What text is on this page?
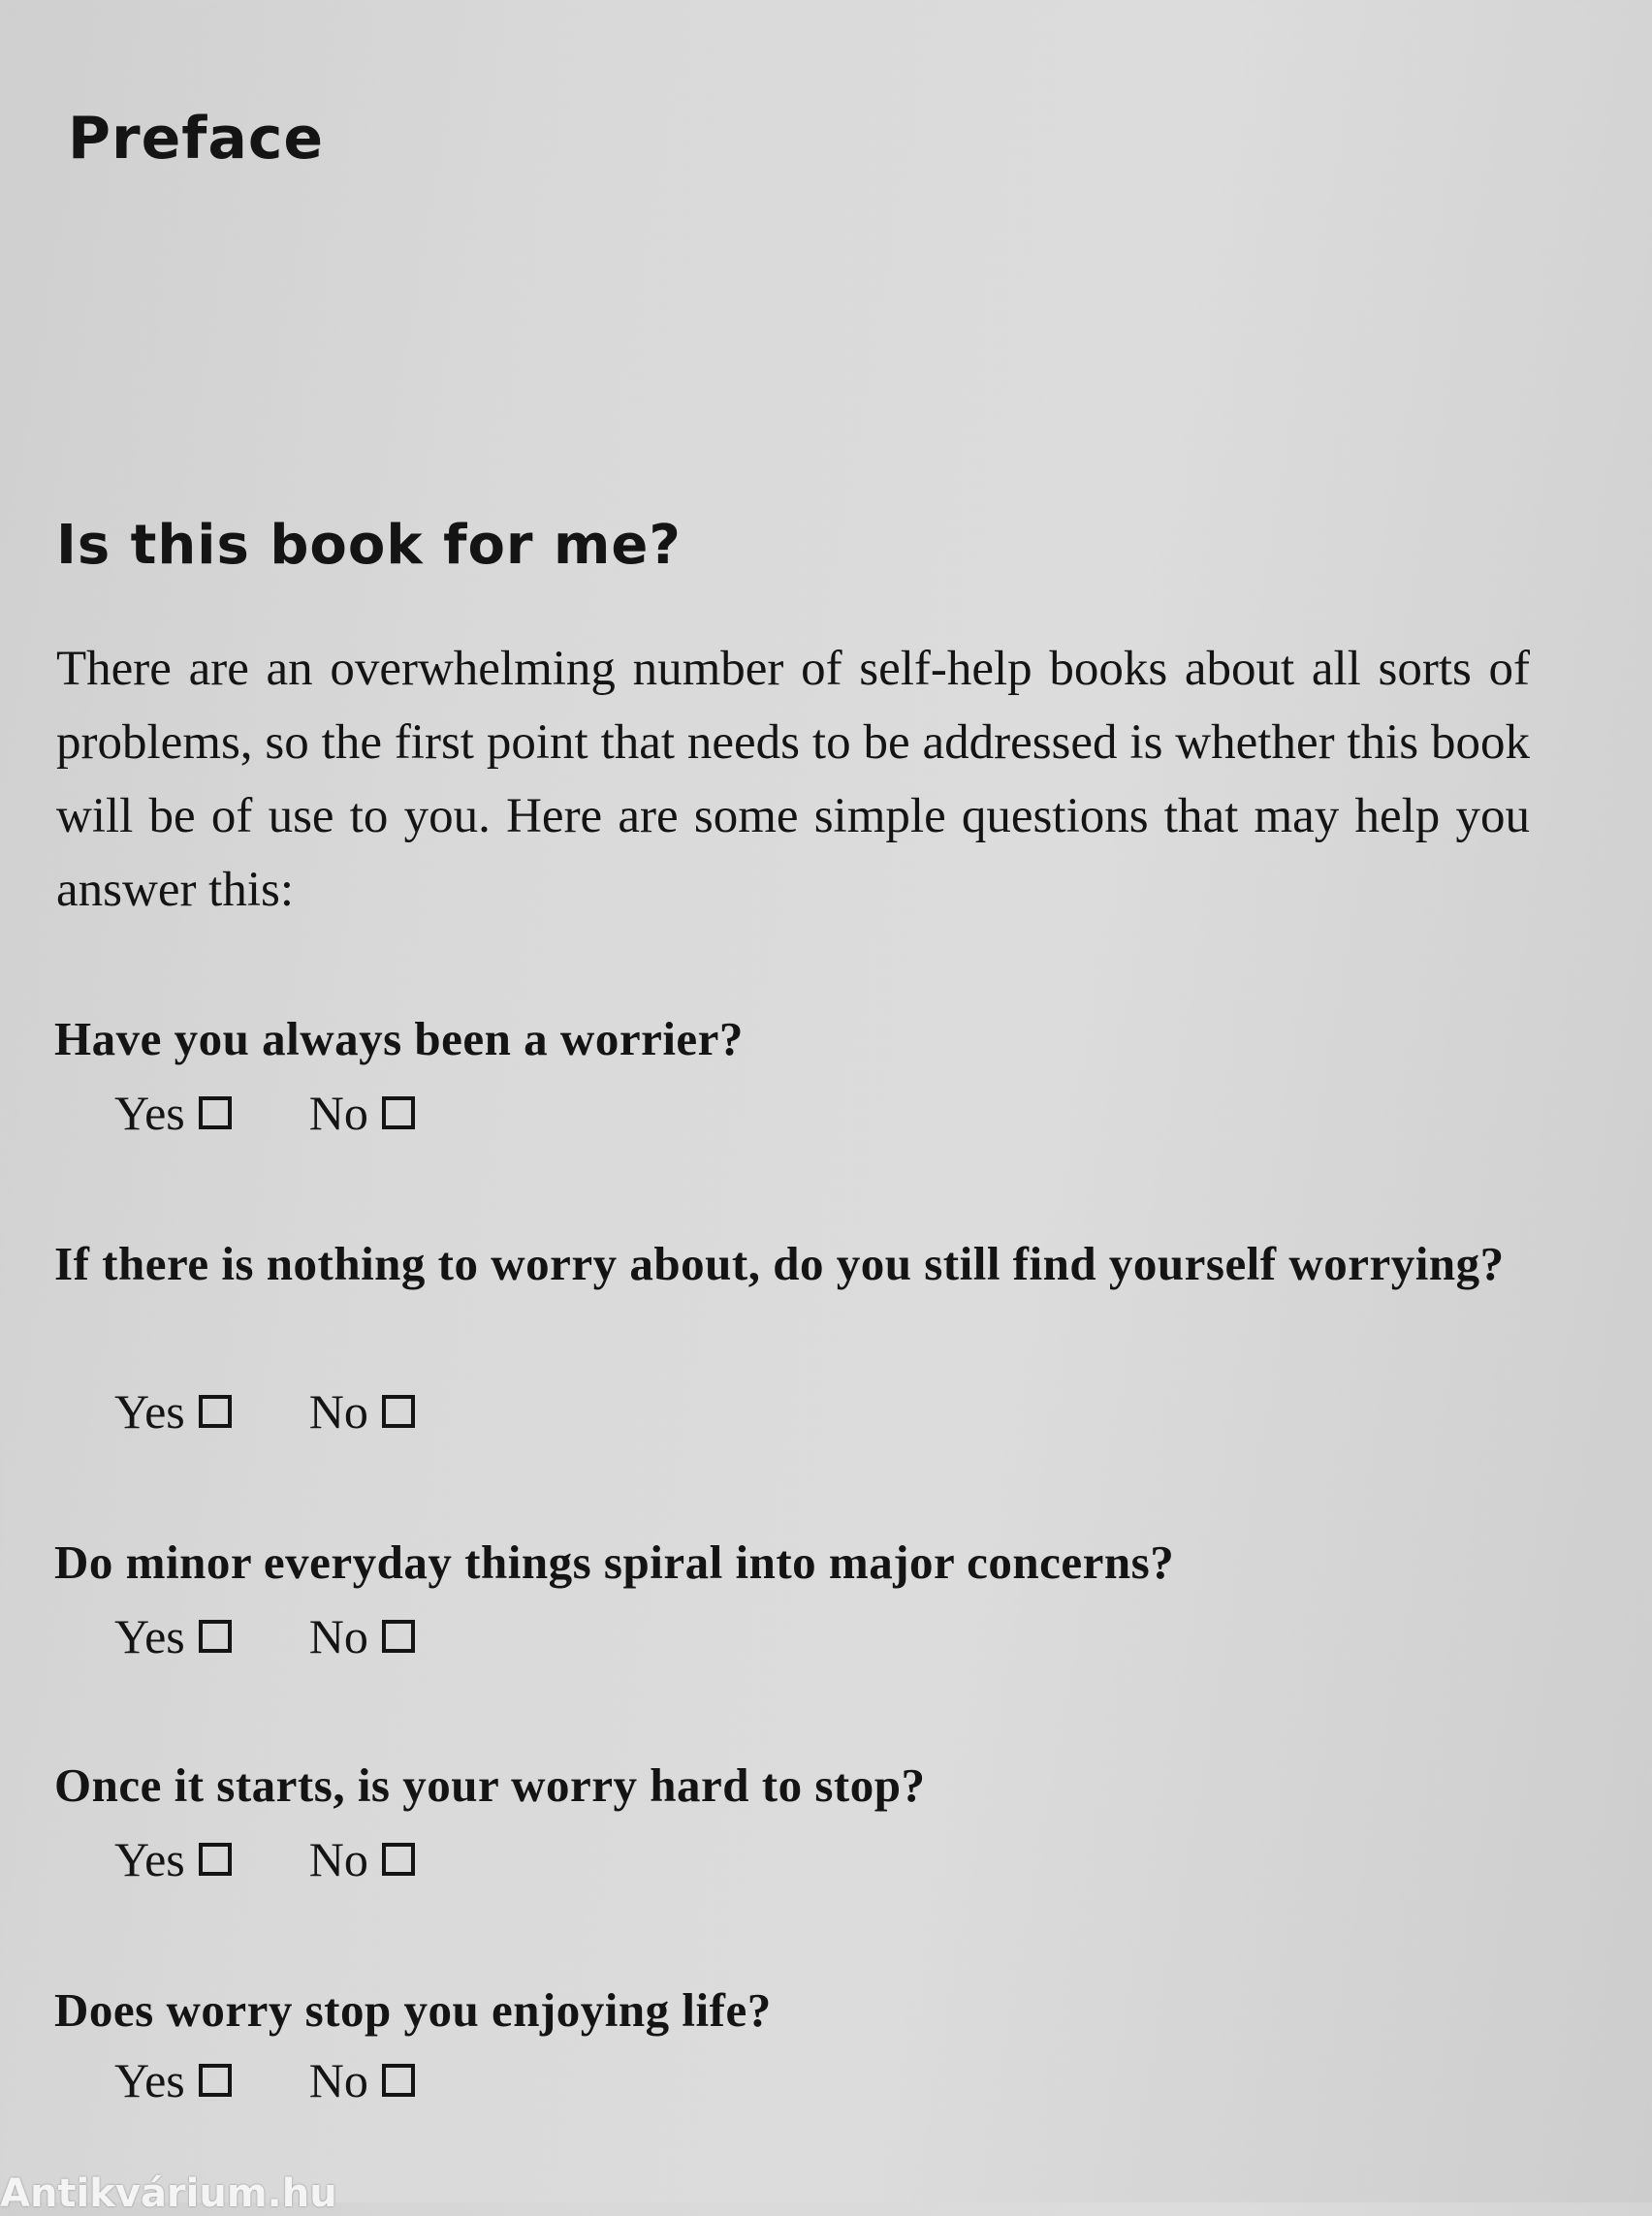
Preface
Is this book for me?

There are an overwhelming number of self-help books about all sorts of problems, so the first point that needs to be addressed is whether this book will be of use to you. Here are some simple questions that may help you answer this:

Have you always been a worrier?
Yes	No
If there is nothing to worry about, do you still find yourself worrying?
Yes	No
Do minor everyday things spiral into major concerns?
Yes	No
Once it starts, is your worry hard to stop?
Yes	No
Does worry stop you enjoying life?
Yes	No
Antikvárium.hu
